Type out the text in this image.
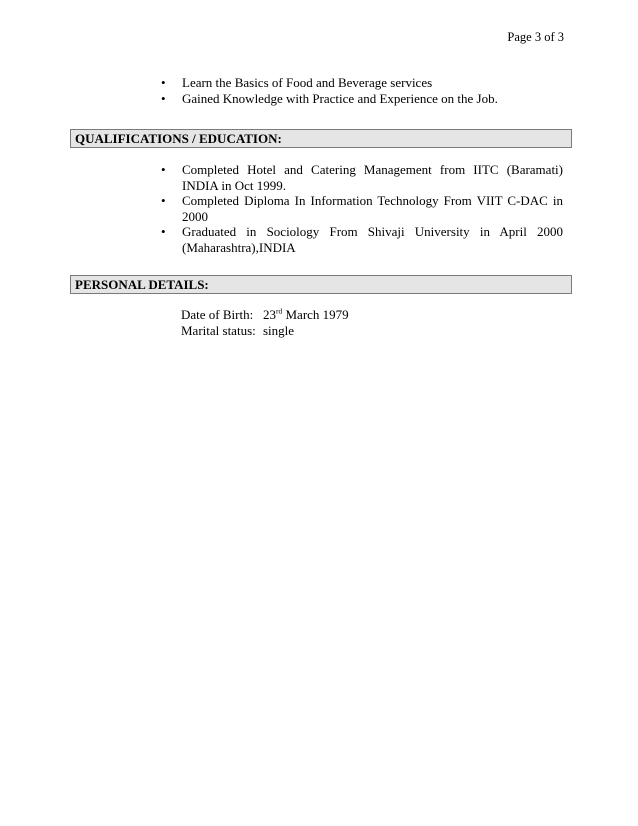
Page 3 of 3
•	Learn the Basics of Food and Beverage services
•	Gained Knowledge with Practice and Experience on the Job.
QUALIFICATIONS / EDUCATION:
•	Completed Hotel and Catering Management from IITC (Baramati) INDIA in Oct 1999.
•	Completed Diploma In Information Technology From VIIT C-DAC in 2000
•	Graduated in Sociology From Shivaji University in April 2000 (Maharashtra),INDIA
PERSONAL DETAILS:
Date of Birth: 23rd March 1979
Marital status: single
